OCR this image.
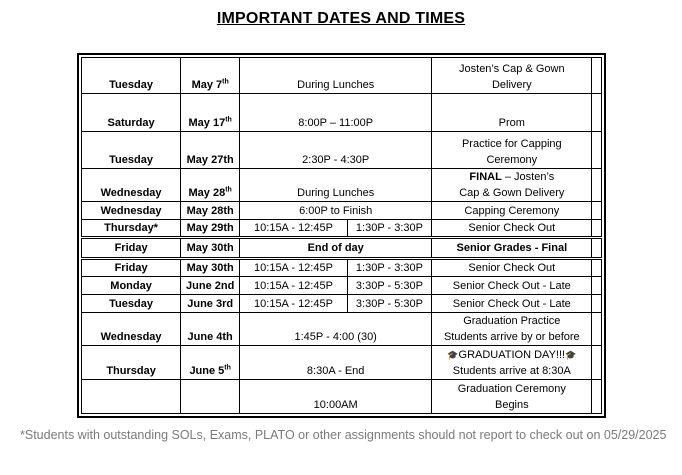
IMPORTANT DATES AND TIMES
Tuesday	May 7th	During Lunches		Josten’s Cap & Gown
Delivery	
Saturday	May 17th	8:00P – 11:00P		Prom	
Tuesday	May 27th	2:30P - 4:30P		Practice for Capping
Ceremony	
Wednesday	May 28th	During Lunches		FINAL – Josten’s
Cap & Gown Delivery	
Wednesday	May 28th	6:00P to Finish		Capping Ceremony	
Thursday*	May 29th	10:15A - 12:45P	1:30P - 3:30P	Senior Check Out	
Friday	May 30th	End of day		Senior Grades - Final	
Friday	May 30th	10:15A - 12:45P	1:30P - 3:30P	Senior Check Out	
Monday	June 2nd	10:15A - 12:45P	3:30P - 5:30P	Senior Check Out - Late	
Tuesday	June 3rd	10:15A - 12:45P	3:30P - 5:30P	Senior Check Out - Late	
Wednesday	June 4th	1:45P - 4:00 (30)		Graduation Practice
Students arrive by or before	
Thursday	June 5th	8:30A - End		🎓GRADUATION DAY!!!🎓
Students arrive at 8:30A	
		10:00AM		Graduation Ceremony
Begins	
*Students with outstanding SOLs, Exams, PLATO or other assignments should not report to check out on 05/29/2025
